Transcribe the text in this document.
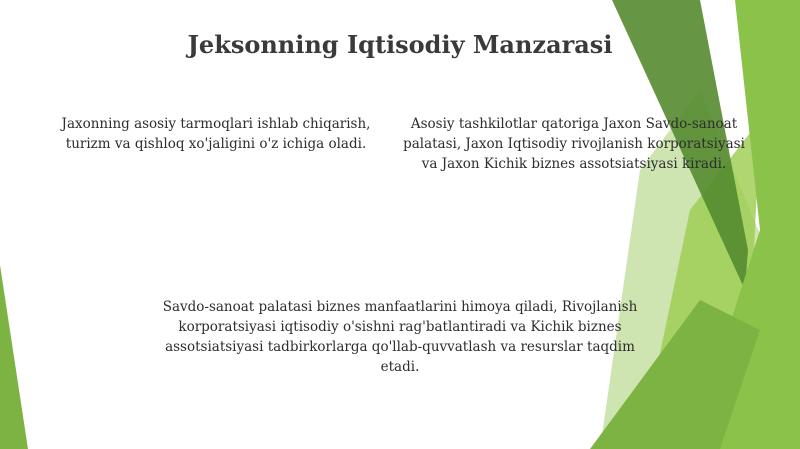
Jeksonning Iqtisodiy Manzarasi
Jaxonning asosiy tarmoqlari ishlab chiqarish, turizm va qishloq xo'jaligini o'z ichiga oladi.
Asosiy tashkilotlar qatoriga Jaxon Savdo-sanoat palatasi, Jaxon Iqtisodiy rivojlanish korporatsiyasi va Jaxon Kichik biznes assotsiatsiyasi kiradi.
Savdo-sanoat palatasi biznes manfaatlarini himoya qiladi, Rivojlanish korporatsiyasi iqtisodiy o'sishni rag'batlantiradi va Kichik biznes assotsiatsiyasi tadbirkorlarga qo'llab-quvvatlash va resurslar taqdim etadi.
